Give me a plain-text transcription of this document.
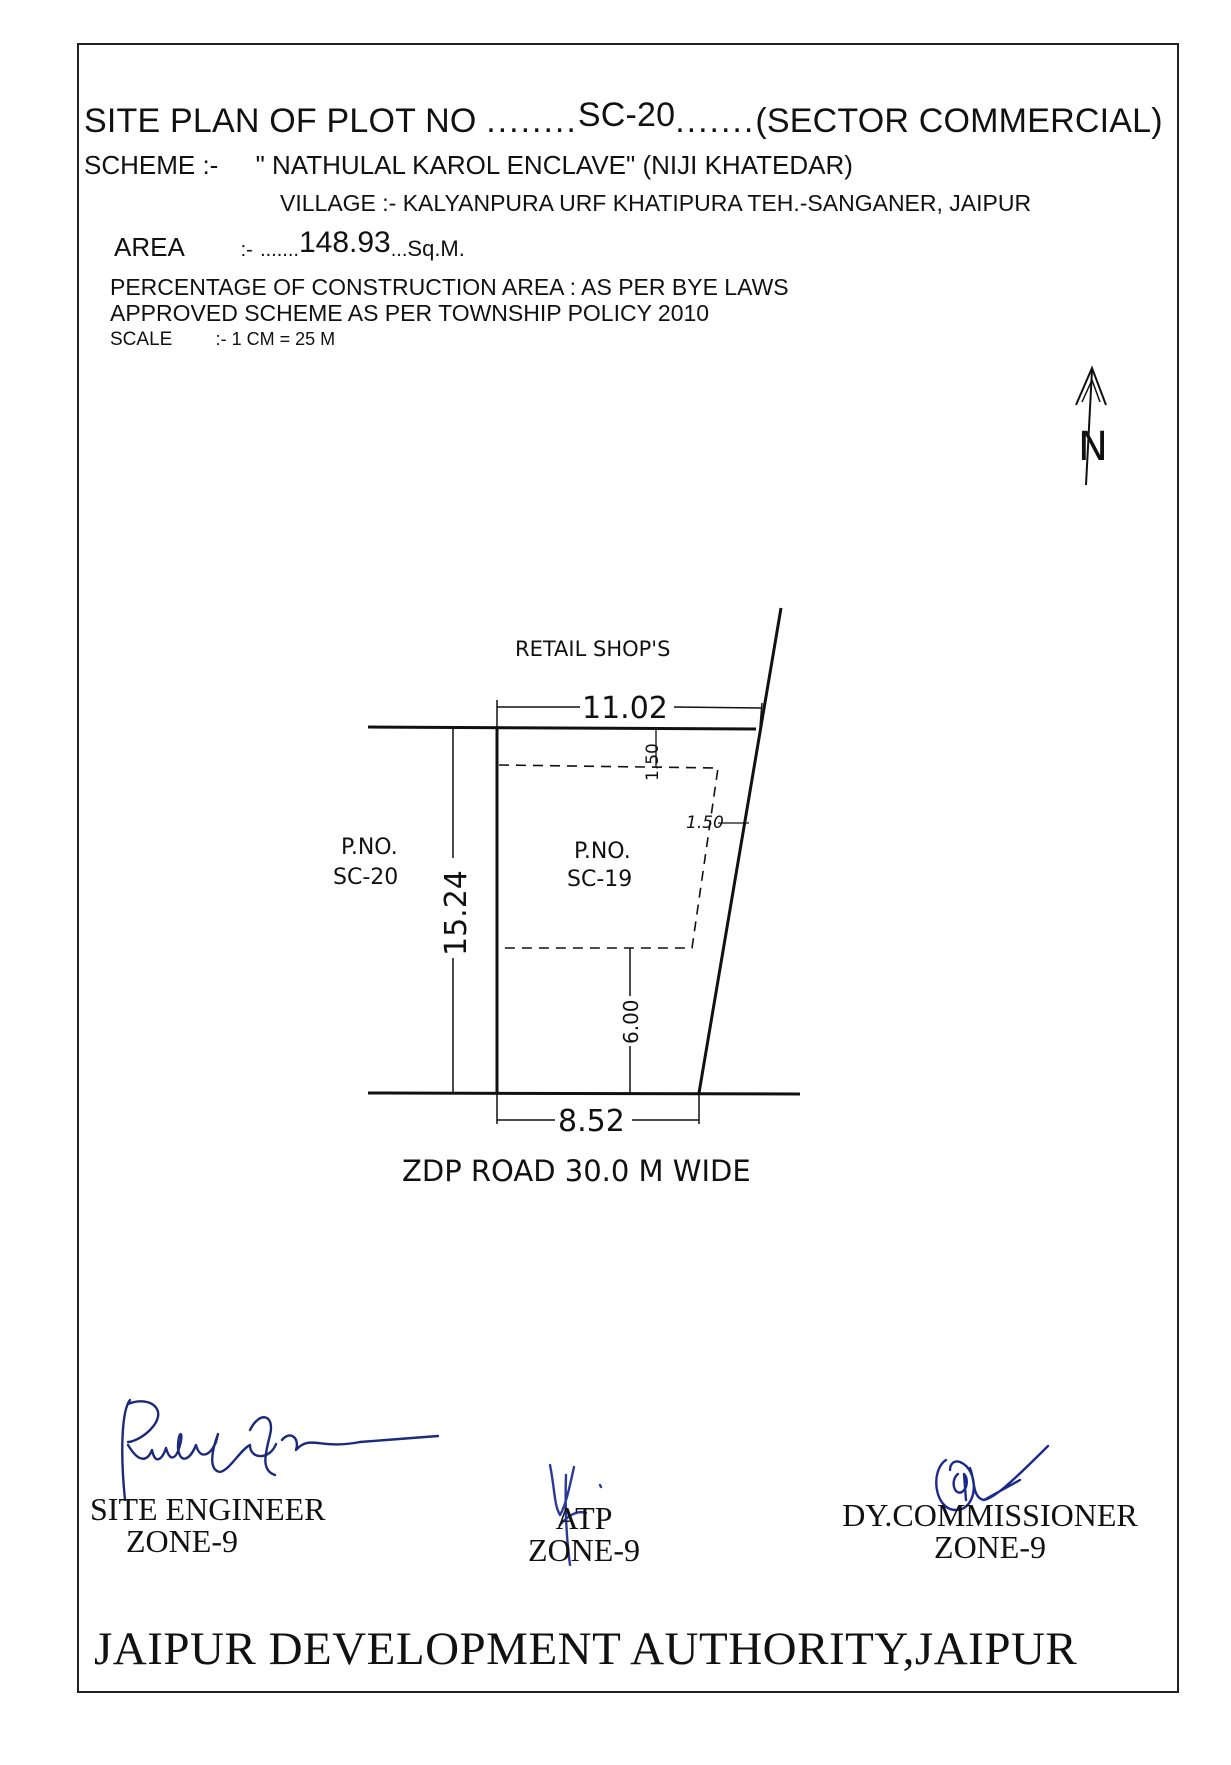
SITE PLAN OF PLOT NO ........SC-20.......(SECTOR COMMERCIAL)
SCHEME :- " NATHULAL KAROL ENCLAVE" (NIJI KHATEDAR)
VILLAGE :- KALYANPURA URF KHATIPURA TEH.-SANGANER, JAIPUR
AREA	:- .......148.93...Sq.M.
PERCENTAGE OF CONSTRUCTION AREA : AS PER BYE LAWS
APPROVED SCHEME AS PER TOWNSHIP POLICY 2010
SCALE :- 1 CM = 25 M
N
11.02
15.24
8.52
6.00
1.50
1.50
RETAIL SHOP'S
P.NO.
SC-19
P.NO.
SC-20
ZDP ROAD 30.0 M WIDE
SITE ENGINEER
ZONE-9
ATP
ZONE-9
DY.COMMISSIONER
ZONE-9
JAIPUR DEVELOPMENT AUTHORITY,JAIPUR
